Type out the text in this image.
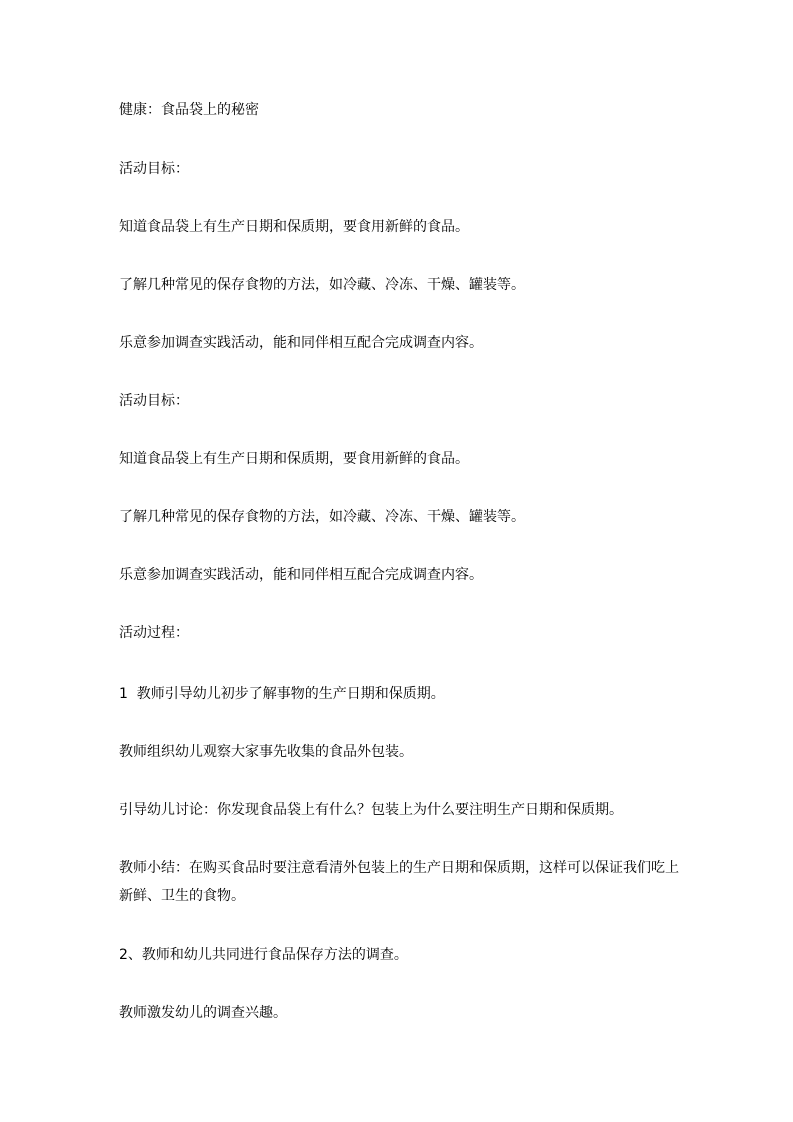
健康：食品袋上的秘密

活动目标：

知道食品袋上有生产日期和保质期，要食用新鲜的食品。

了解几种常见的保存食物的方法，如冷藏、冷冻、干燥、罐装等。

乐意参加调查实践活动，能和同伴相互配合完成调查内容。

活动目标：

知道食品袋上有生产日期和保质期，要食用新鲜的食品。

了解几种常见的保存食物的方法，如冷藏、冷冻、干燥、罐装等。

乐意参加调查实践活动，能和同伴相互配合完成调查内容。

活动过程：

1  教师引导幼儿初步了解事物的生产日期和保质期。

教师组织幼儿观察大家事先收集的食品外包装。

引导幼儿讨论：你发现食品袋上有什么？包装上为什么要注明生产日期和保质期。

教师小结：在购买食品时要注意看清外包装上的生产日期和保质期，这样可以保证我们吃上新鲜、卫生的食物。

2、教师和幼儿共同进行食品保存方法的调查。

教师激发幼儿的调查兴趣。
